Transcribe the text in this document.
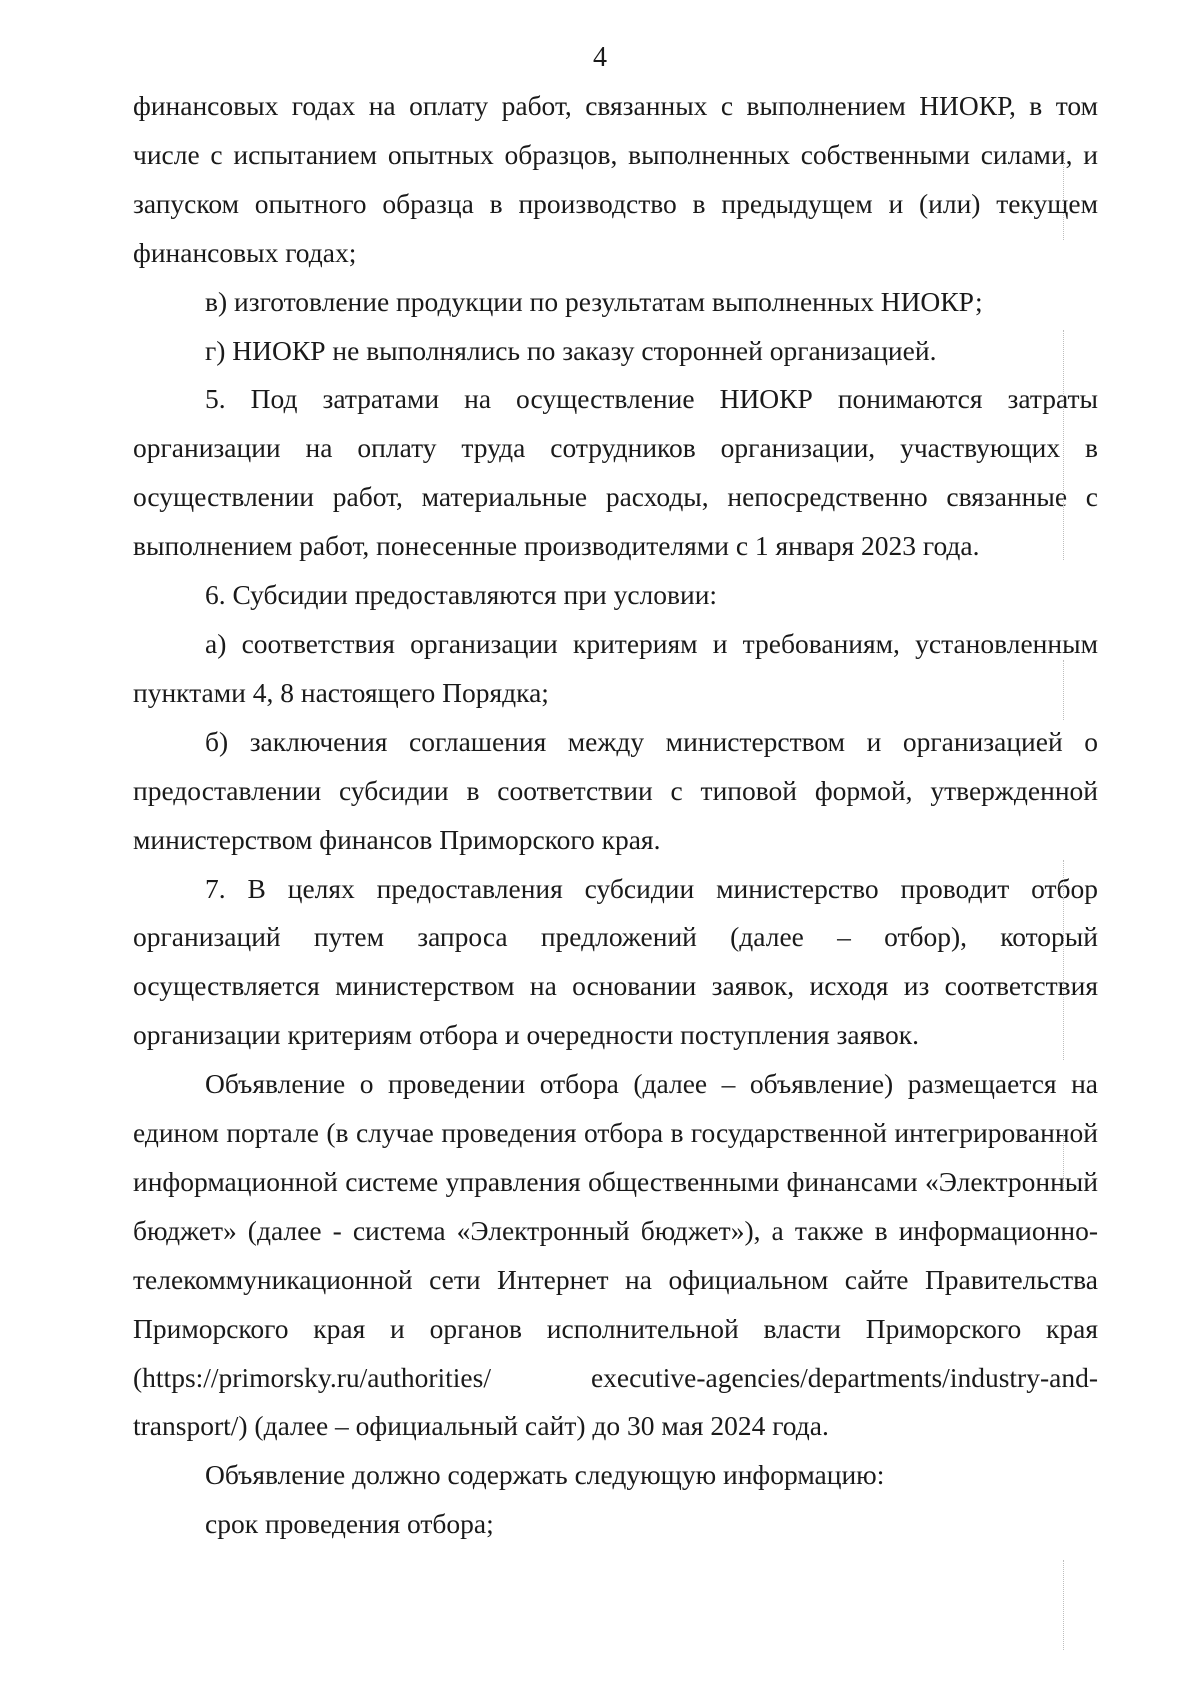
4

финансовых годах на оплату работ, связанных с выполнением НИОКР, в том числе с испытанием опытных образцов, выполненных собственными силами, и запуском опытного образца в производство в предыдущем и (или) текущем финансовых годах;

в) изготовление продукции по результатам выполненных НИОКР;

г) НИОКР не выполнялись по заказу сторонней организацией.

5. Под затратами на осуществление НИОКР понимаются затраты организации на оплату труда сотрудников организации, участвующих в осуществлении работ, материальные расходы, непосредственно связанные с выполнением работ, понесенные производителями с 1 января 2023 года.

6. Субсидии предоставляются при условии:

а) соответствия организации критериям и требованиям, установленным пунктами 4, 8 настоящего Порядка;

б) заключения соглашения между министерством и организацией о предоставлении субсидии в соответствии с типовой формой, утвержденной министерством финансов Приморского края.

7. В целях предоставления субсидии министерство проводит отбор организаций путем запроса предложений (далее – отбор), который осуществляется министерством на основании заявок, исходя из соответствия организации критериям отбора и очередности поступления заявок.

Объявление о проведении отбора (далее – объявление) размещается на едином портале (в случае проведения отбора в государственной интегрированной информационной системе управления общественными финансами «Электронный бюджет» (далее - система «Электронный бюджет»), а также в информационно-телекоммуникационной сети Интернет на официальном сайте Правительства Приморского края и органов исполнительной власти Приморского края (https://primorsky.ru/authorities/ executive-agencies/departments/industry-and-transport/) (далее – официальный сайт) до 30 мая 2024 года.

Объявление должно содержать следующую информацию:

срок проведения отбора;
